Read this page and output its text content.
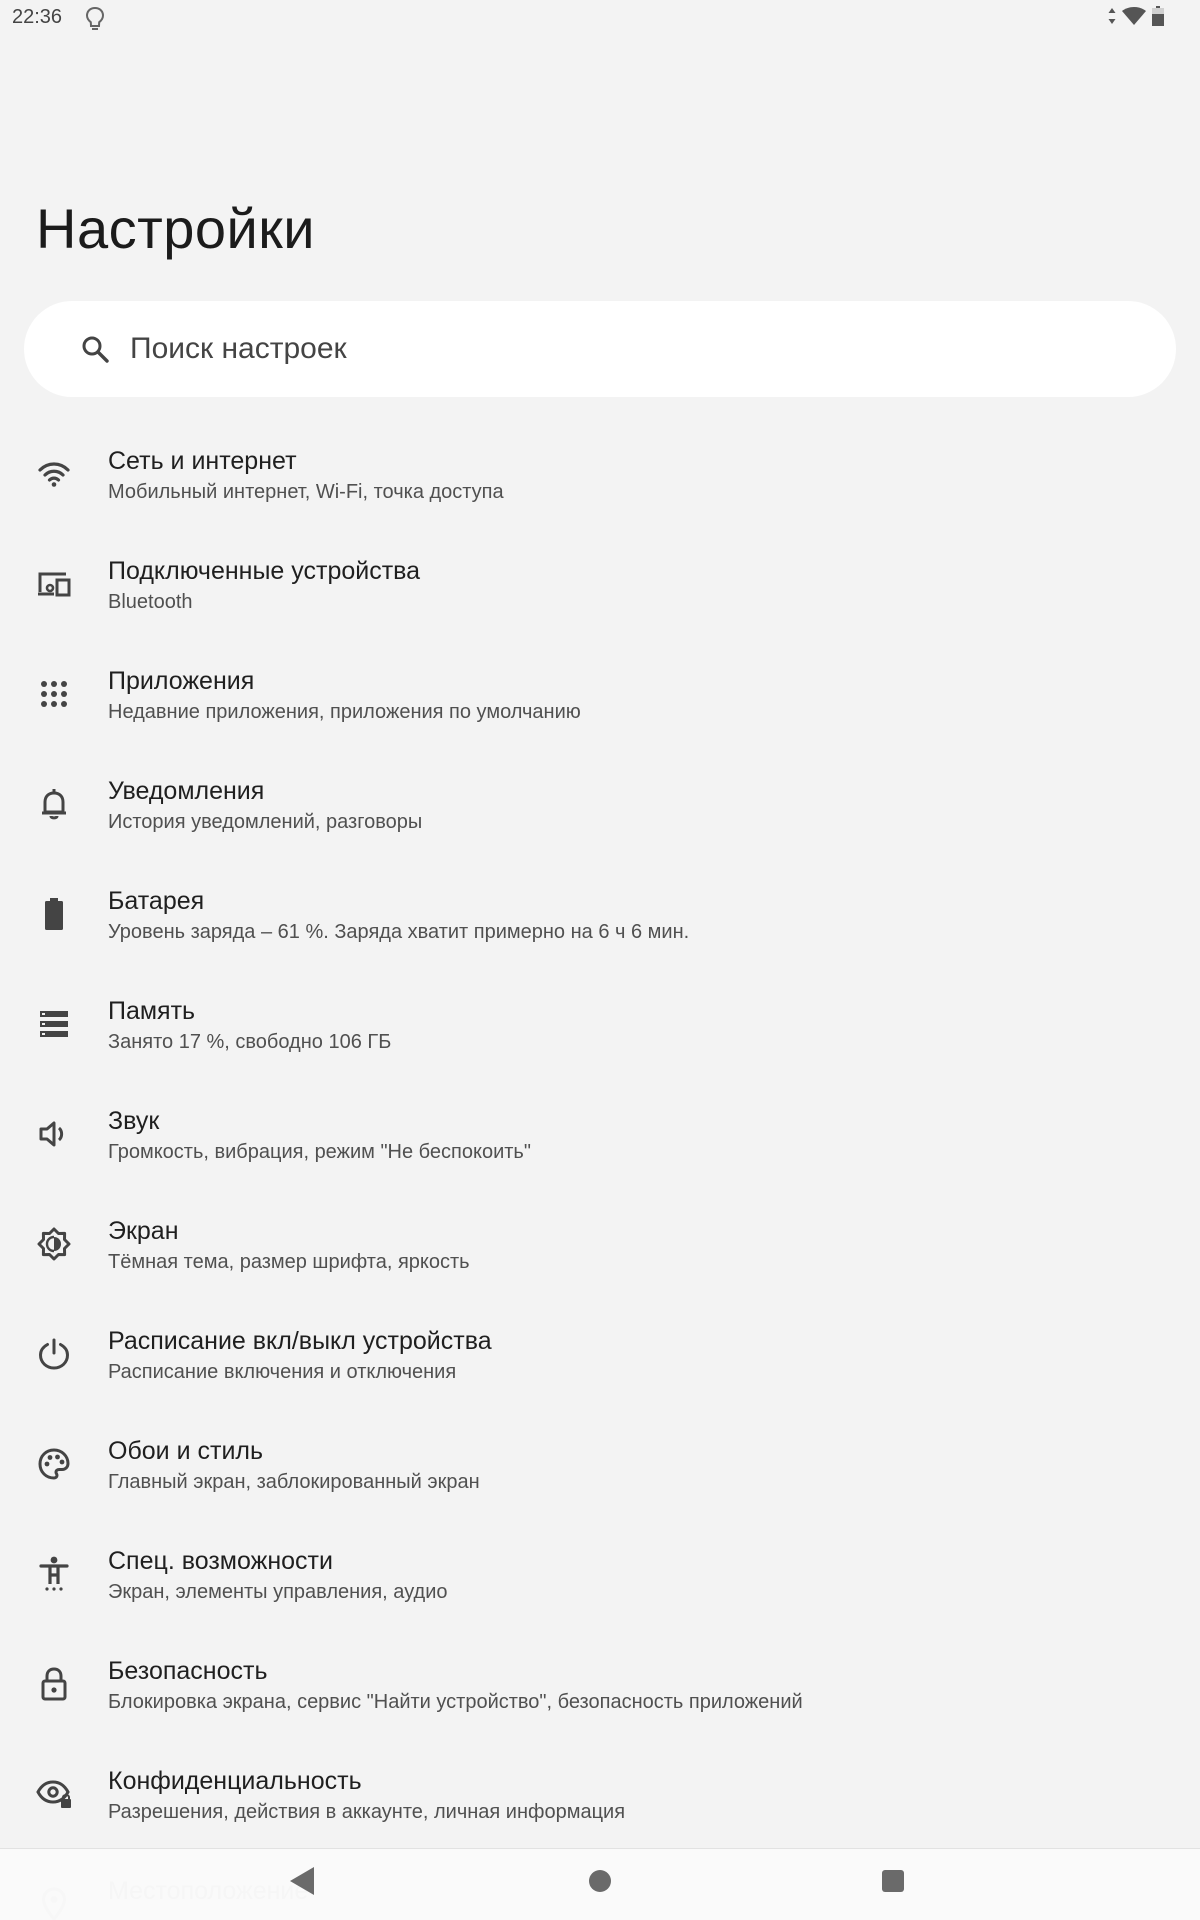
22:36
Настройки
Поиск настроек
Сеть и интернет
Мобильный интернет, Wi-Fi, точка доступа
Подключенные устройства
Bluetooth
Приложения
Недавние приложения, приложения по умолчанию
Уведомления
История уведомлений, разговоры
Батарея
Уровень заряда – 61 %. Заряда хватит примерно на 6 ч 6 мин.
Память
Занято 17 %, свободно 106 ГБ
Звук
Громкость, вибрация, режим "Не беспокоить"
Экран
Тёмная тема, размер шрифта, яркость
Расписание вкл/выкл устройства
Расписание включения и отключения
Обои и стиль
Главный экран, заблокированный экран
Спец. возможности
Экран, элементы управления, аудио
Безопасность
Блокировка экрана, сервис "Найти устройство", безопасность приложений
Конфиденциальность
Разрешения, действия в аккаунте, личная информация
